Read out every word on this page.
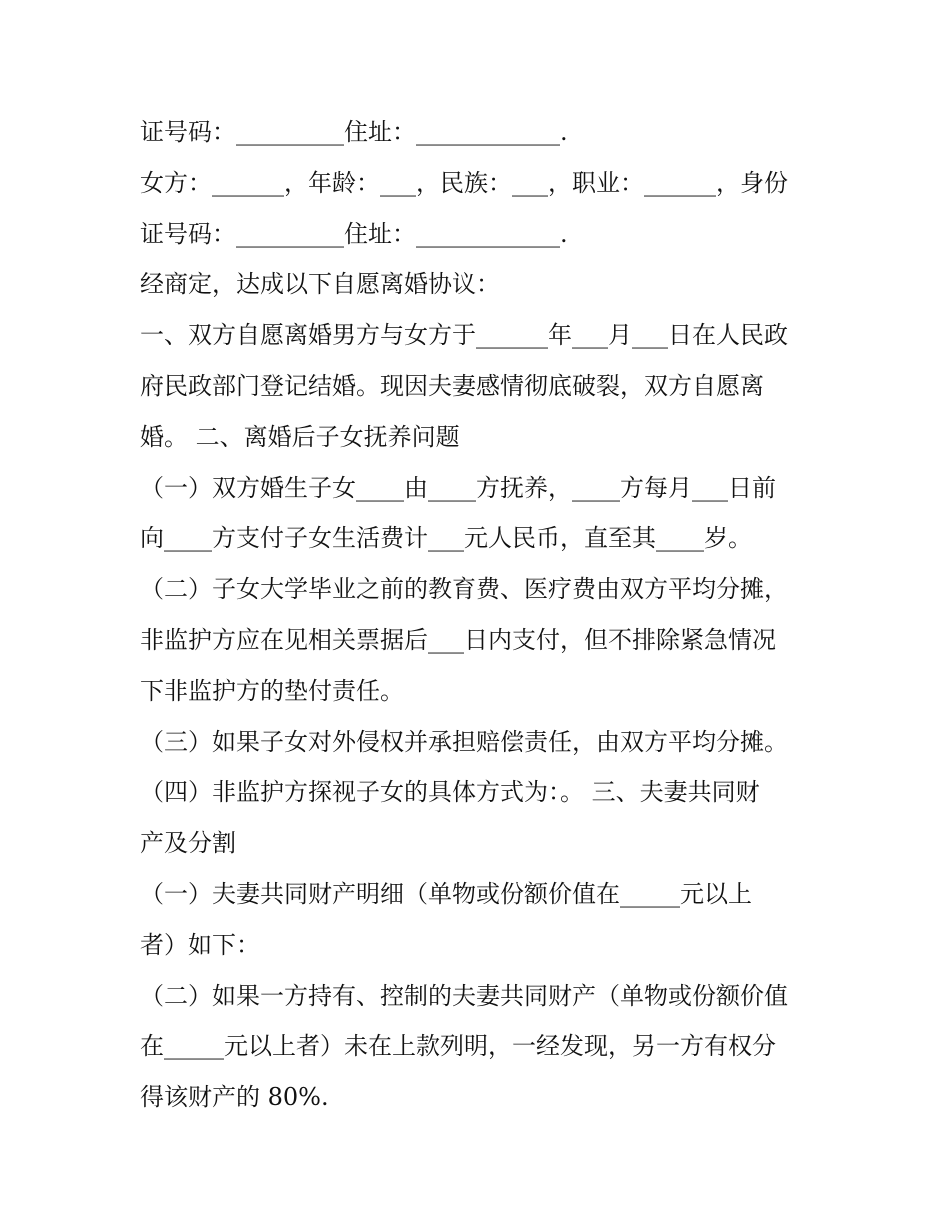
证号码：_________住址：____________.
女方：______，年龄：___，民族：___，职业：______，身份
证号码：_________住址：____________.
经商定，达成以下自愿离婚协议：
一、双方自愿离婚男方与女方于______年___月___日在人民政
府民政部门登记结婚。现因夫妻感情彻底破裂，双方自愿离
婚。 二、离婚后子女抚养问题
（一）双方婚生子女____由____方抚养，____方每月___日前
向____方支付子女生活费计___元人民币，直至其____岁。
（二）子女大学毕业之前的教育费、医疗费由双方平均分摊，
非监护方应在见相关票据后___日内支付，但不排除紧急情况
下非监护方的垫付责任。
（三）如果子女对外侵权并承担赔偿责任，由双方平均分摊。
（四）非监护方探视子女的具体方式为：。 三、夫妻共同财
产及分割
（一）夫妻共同财产明细（单物或份额价值在_____元以上
者）如下：
（二）如果一方持有、控制的夫妻共同财产（单物或份额价值
在_____元以上者）未在上款列明，一经发现，另一方有权分
得该财产的 80%.
